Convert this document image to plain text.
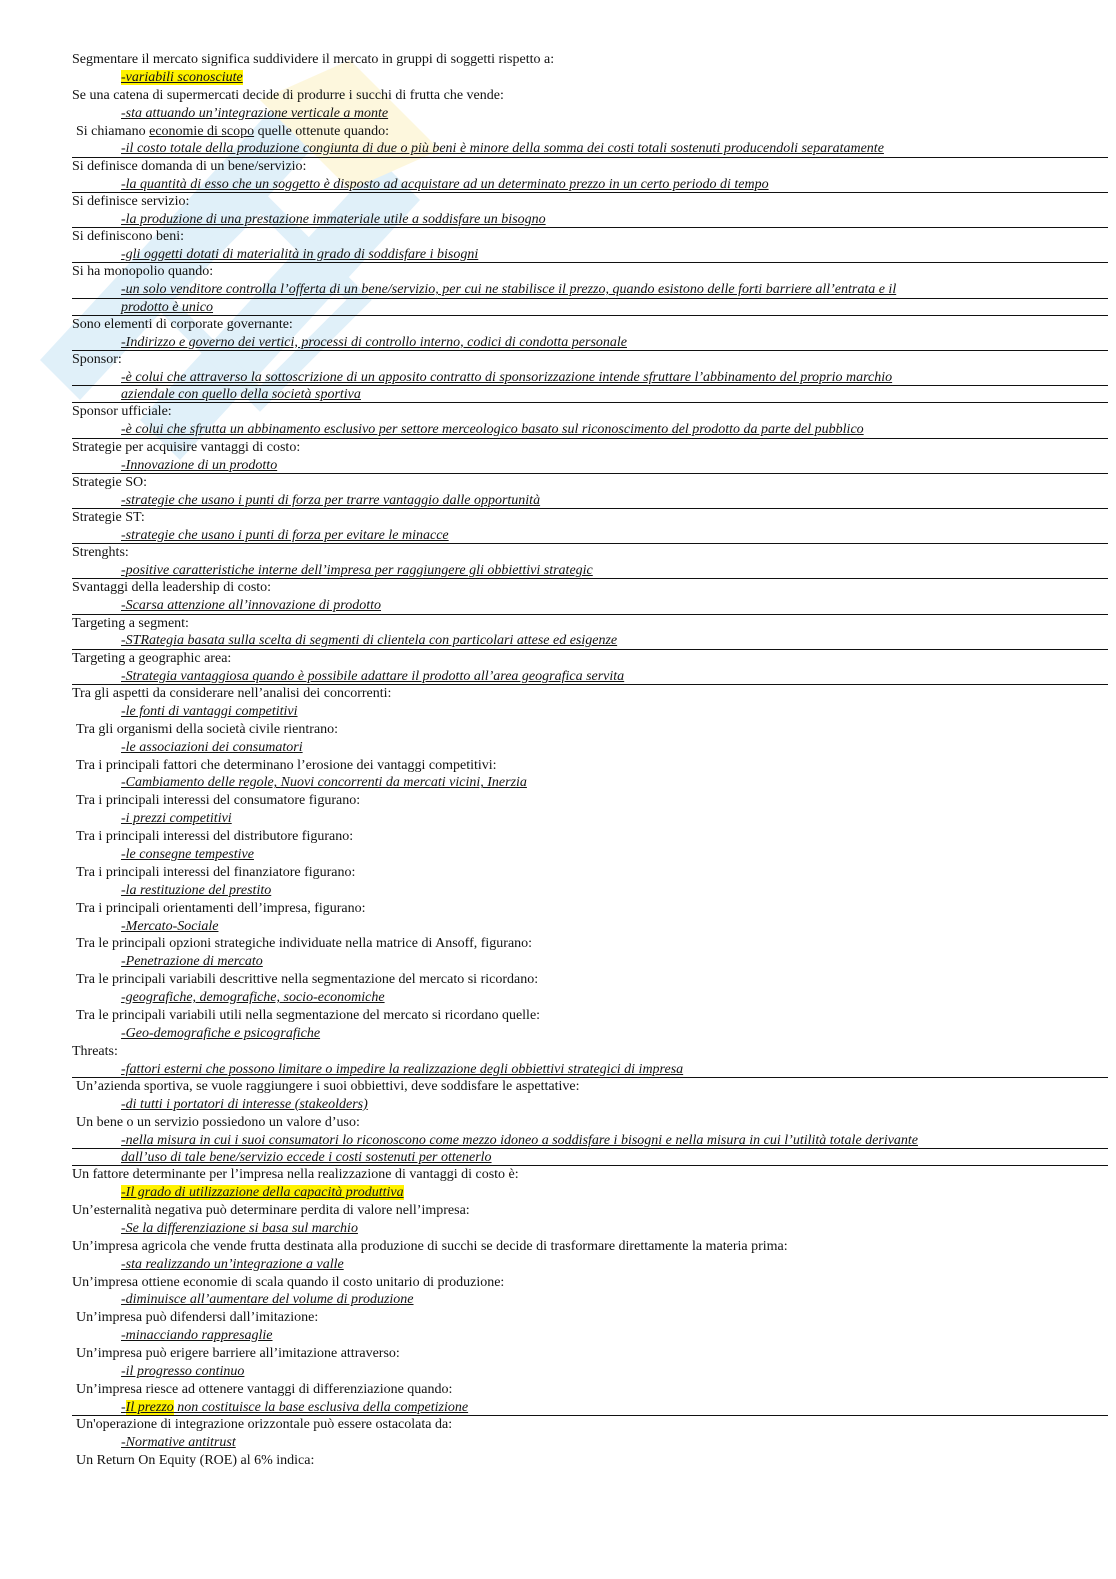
Segmentare il mercato significa suddividere il mercato in gruppi di soggetti rispetto a:
-variabili sconosciute
Se una catena di supermercati decide di produrre i succhi di frutta che vende:
-sta attuando un’integrazione verticale a monte
Si chiamano economie di scopo quelle ottenute quando:
-il costo totale della produzione congiunta di due o più beni è minore della somma dei costi totali sostenuti producendoli separatamente
Si definisce domanda di un bene/servizio:
-la quantità di esso che un soggetto è disposto ad acquistare ad un determinato prezzo in un certo periodo di tempo
Si definisce servizio:
-la produzione di una prestazione immateriale utile a soddisfare un bisogno
Si definiscono beni:
-gli oggetti dotati di materialità in grado di soddisfare i bisogni
Si ha monopolio quando:
-un solo venditore controlla l’offerta di un bene/servizio, per cui ne stabilisce il prezzo, quando esistono delle forti barriere all’entrata e il
prodotto è unico
Sono elementi di corporate governante:
-Indirizzo e governo dei vertici, processi di controllo interno, codici di condotta personale
Sponsor:
-è colui che attraverso la sottoscrizione di un apposito contratto di sponsorizzazione intende sfruttare l’abbinamento del proprio marchio
aziendale con quello della società sportiva
Sponsor ufficiale:
-è colui che sfrutta un abbinamento esclusivo per settore merceologico basato sul riconoscimento del prodotto da parte del pubblico
Strategie per acquisire vantaggi di costo:
-Innovazione di un prodotto
Strategie SO:
-strategie che usano i punti di forza per trarre vantaggio dalle opportunità
Strategie ST:
-strategie che usano i punti di forza per evitare le minacce
Strenghts:
-positive caratteristiche interne dell’impresa per raggiungere gli obbiettivi strategic
Svantaggi della leadership di costo:
-Scarsa attenzione all’innovazione di prodotto
Targeting a segment:
-STRategia basata sulla scelta di segmenti di clientela con particolari attese ed esigenze
Targeting a geographic area:
-Strategia vantaggiosa quando è possibile adattare il prodotto all’area geografica servita
Tra gli aspetti da considerare nell’analisi dei concorrenti:
-le fonti di vantaggi competitivi
Tra gli organismi della società civile rientrano:
-le associazioni dei consumatori
Tra i principali fattori che determinano l’erosione dei vantaggi competitivi:
-Cambiamento delle regole, Nuovi concorrenti da mercati vicini, Inerzia
Tra i principali interessi del consumatore figurano:
-i prezzi competitivi
Tra i principali interessi del distributore figurano:
-le consegne tempestive
Tra i principali interessi del finanziatore figurano:
-la restituzione del prestito
Tra i principali orientamenti dell’impresa, figurano:
-Mercato-Sociale
Tra le principali opzioni strategiche individuate nella matrice di Ansoff, figurano:
-Penetrazione di mercato
Tra le principali variabili descrittive nella segmentazione del mercato si ricordano:
-geografiche, demografiche, socio-economiche
Tra le principali variabili utili nella segmentazione del mercato si ricordano quelle:
-Geo-demografiche e psicografiche
Threats:
-fattori esterni che possono limitare o impedire la realizzazione degli obbiettivi strategici di impresa
Un’azienda sportiva, se vuole raggiungere i suoi obbiettivi, deve soddisfare le aspettative:
-di tutti i portatori di interesse (stakeolders)
Un bene o un servizio possiedono un valore d’uso:
-nella misura in cui i suoi consumatori lo riconoscono come mezzo idoneo a soddisfare i bisogni e nella misura in cui l’utilità totale derivante
dall’uso di tale bene/servizio eccede i costi sostenuti per ottenerlo
Un fattore determinante per l’impresa nella realizzazione di vantaggi di costo è:
-Il grado di utilizzazione della capacità produttiva
Un’esternalità negativa può determinare perdita di valore nell’impresa:
-Se la differenziazione si basa sul marchio
Un’impresa agricola che vende frutta destinata alla produzione di succhi se decide di trasformare direttamente la materia prima:
-sta realizzando un’integrazione a valle
Un’impresa ottiene economie di scala quando il costo unitario di produzione:
-diminuisce all’aumentare del volume di produzione
Un’impresa può difendersi dall’imitazione:
-minacciando rappresaglie
Un’impresa può erigere barriere all’imitazione attraverso:
-il progresso continuo
Un’impresa riesce ad ottenere vantaggi di differenziazione quando:
-Il prezzo non costituisce la base esclusiva della competizione
Un'operazione di integrazione orizzontale può essere ostacolata da:
-Normative antitrust
Un Return On Equity (ROE) al 6% indica:
